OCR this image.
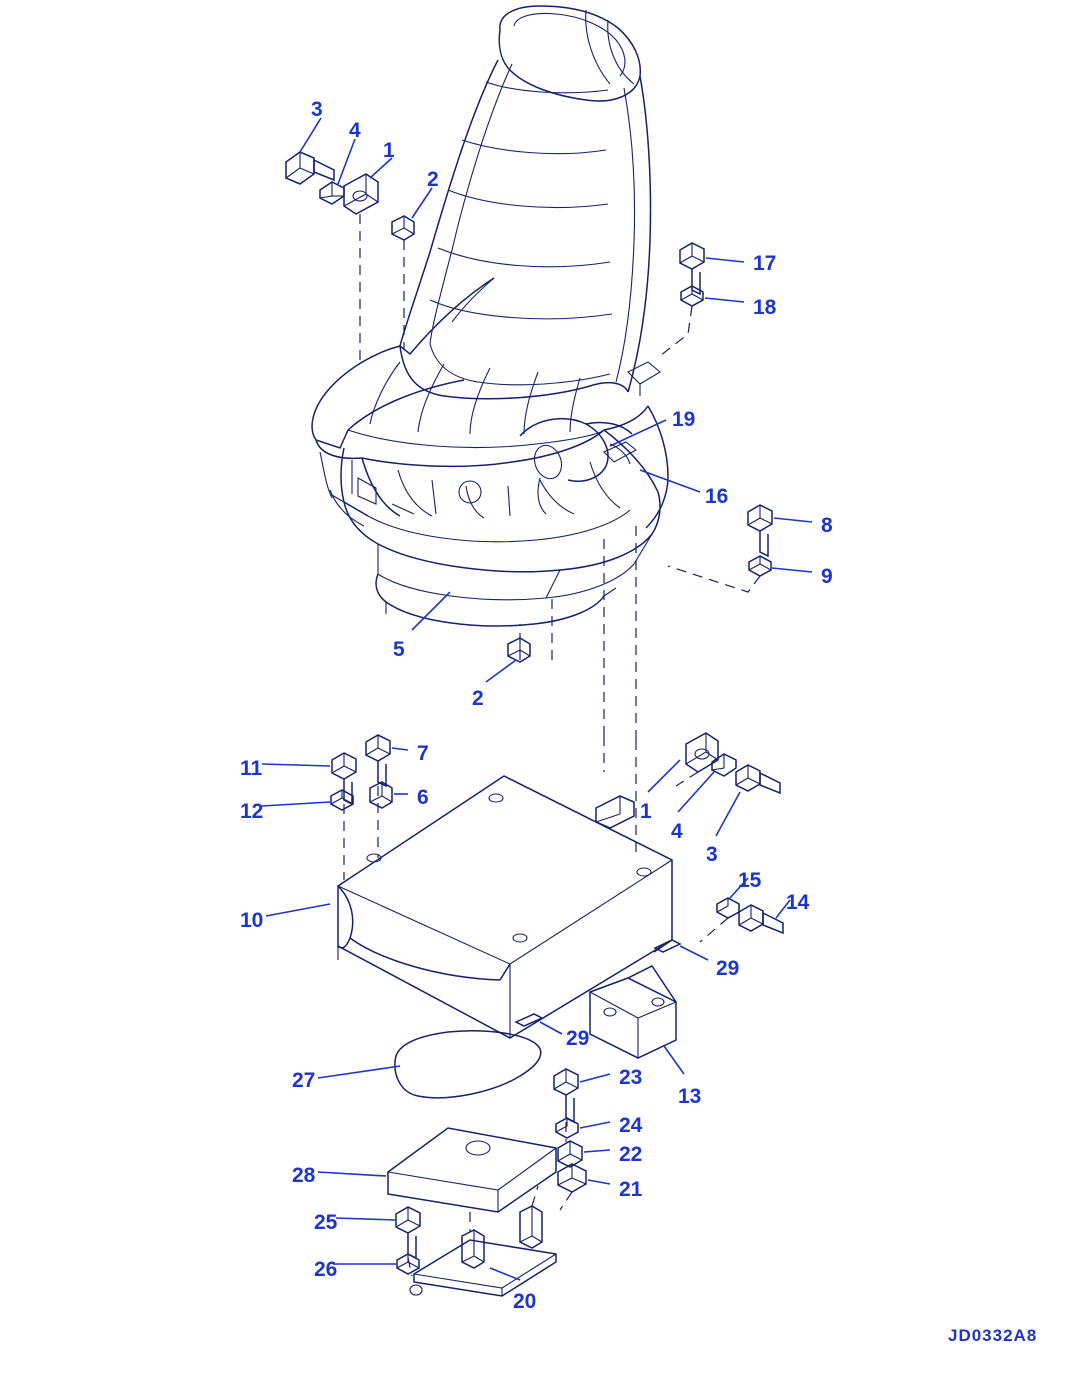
3
4
1
2
17
18
19
16
8
9
5
2
7
11
12
6
1
4
3
15
14
10
29
29
13
27	23
24
22
21
28
25
26
20
JD0332A8
